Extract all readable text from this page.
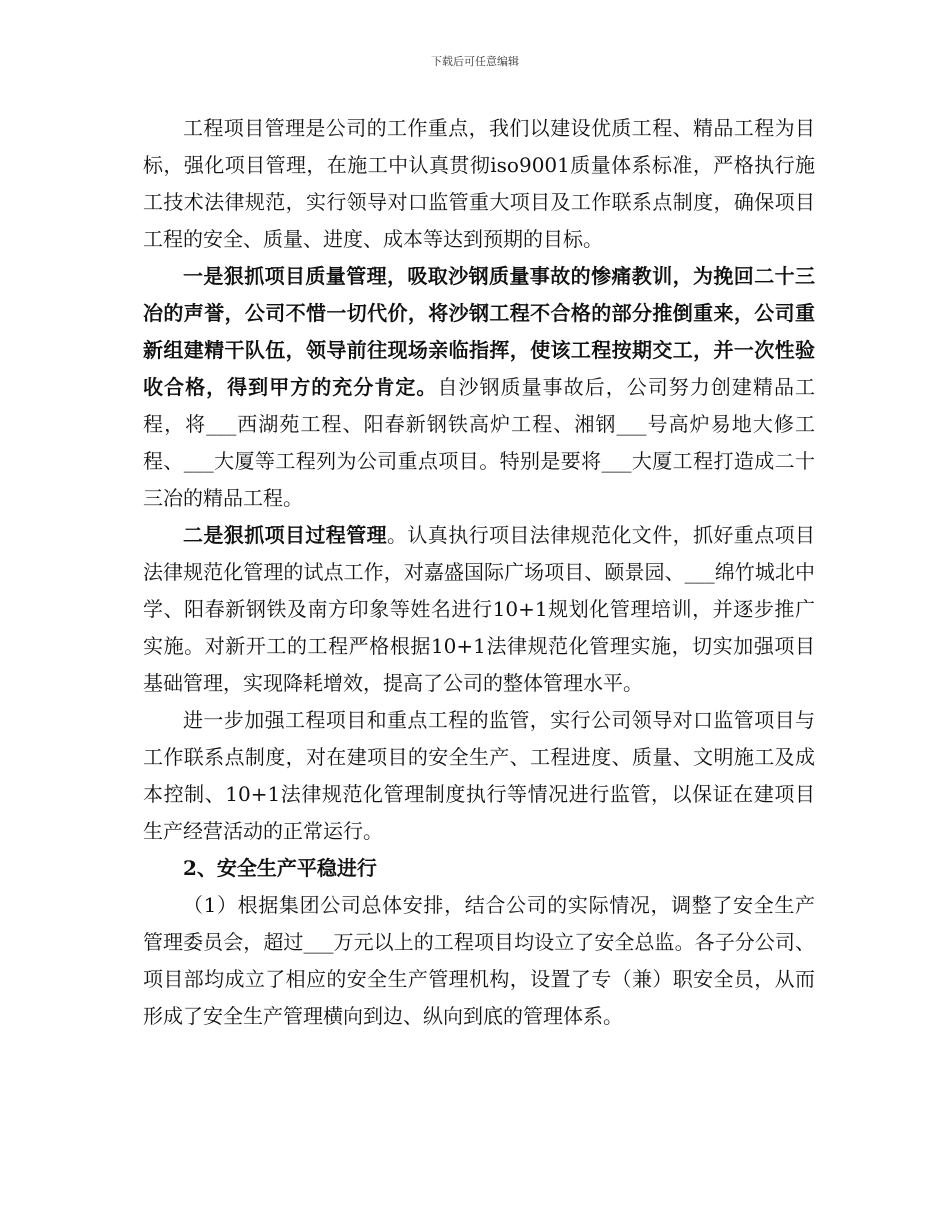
下载后可任意编辑

工程项目管理是公司的工作重点，我们以建设优质工程、精品工程为目标，强化项目管理，在施工中认真贯彻iso9001质量体系标准，严格执行施工技术法律规范，实行领导对口监管重大项目及工作联系点制度，确保项目工程的安全、质量、进度、成本等达到预期的目标。

一是狠抓项目质量管理，吸取沙钢质量事故的惨痛教训，为挽回二十三冶的声誉，公司不惜一切代价，将沙钢工程不合格的部分推倒重来，公司重新组建精干队伍，领导前往现场亲临指挥，使该工程按期交工，并一次性验收合格，得到甲方的充分肯定。自沙钢质量事故后，公司努力创建精品工程，将___西湖苑工程、阳春新钢铁高炉工程、湘钢___号高炉易地大修工程、___大厦等工程列为公司重点项目。特别是要将___大厦工程打造成二十三冶的精品工程。

二是狠抓项目过程管理。认真执行项目法律规范化文件，抓好重点项目法律规范化管理的试点工作，对嘉盛国际广场项目、颐景园、___绵竹城北中学、阳春新钢铁及南方印象等姓名进行10+1规划化管理培训，并逐步推广实施。对新开工的工程严格根据10+1法律规范化管理实施，切实加强项目基础管理，实现降耗增效，提高了公司的整体管理水平。

进一步加强工程项目和重点工程的监管，实行公司领导对口监管项目与工作联系点制度，对在建项目的安全生产、工程进度、质量、文明施工及成本控制、10+1法律规范化管理制度执行等情况进行监管，以保证在建项目生产经营活动的正常运行。

2、安全生产平稳进行

（1）根据集团公司总体安排，结合公司的实际情况，调整了安全生产管理委员会，超过___万元以上的工程项目均设立了安全总监。各子分公司、项目部均成立了相应的安全生产管理机构，设置了专（兼）职安全员，从而形成了安全生产管理横向到边、纵向到底的管理体系。
